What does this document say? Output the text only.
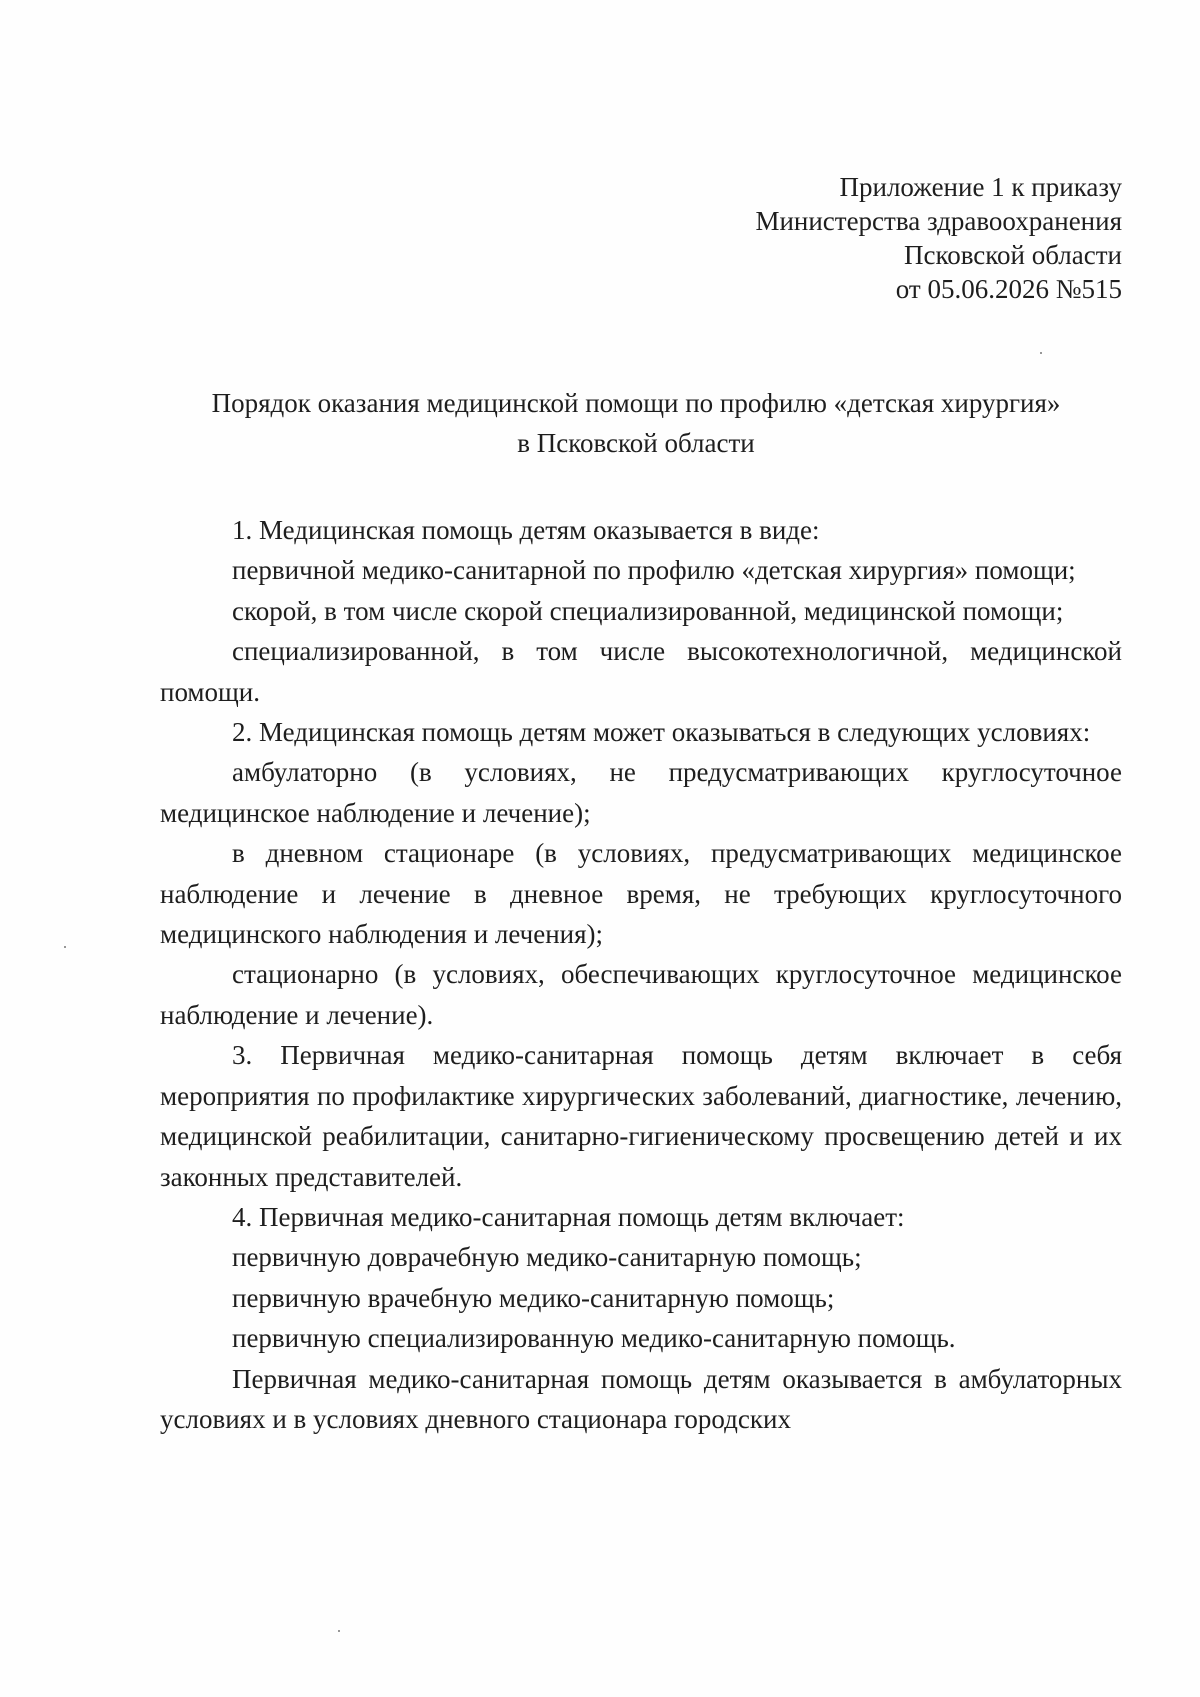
Приложение 1 к приказу
Министерства здравоохранения
Псковской области
от 05.06.2026 №515
Порядок оказания медицинской помощи по профилю «детская хирургия»
в Псковской области

1. Медицинская помощь детям оказывается в виде:

первичной медико-санитарной по профилю «детская хирургия» помощи;

скорой, в том числе скорой специализированной, медицинской помощи;

специализированной, в том числе высокотехнологичной, медицинской помощи.

2. Медицинская помощь детям может оказываться в следующих условиях:

амбулаторно (в условиях, не предусматривающих круглосуточное медицинское наблюдение и лечение);

в дневном стационаре (в условиях, предусматривающих медицинское наблюдение и лечение в дневное время, не требующих круглосуточного медицинского наблюдения и лечения);

стационарно (в условиях, обеспечивающих круглосуточное медицинское наблюдение и лечение).

3. Первичная медико-санитарная помощь детям включает в себя мероприятия по профилактике хирургических заболеваний, диагностике, лечению, медицинской реабилитации, санитарно-гигиеническому просвещению детей и их законных представителей.

4. Первичная медико-санитарная помощь детям включает:

первичную доврачебную медико-санитарную помощь;

первичную врачебную медико-санитарную помощь;

первичную специализированную медико-санитарную помощь.

Первичная медико-санитарная помощь детям оказывается в амбулаторных условиях и в условиях дневного стационара городских
